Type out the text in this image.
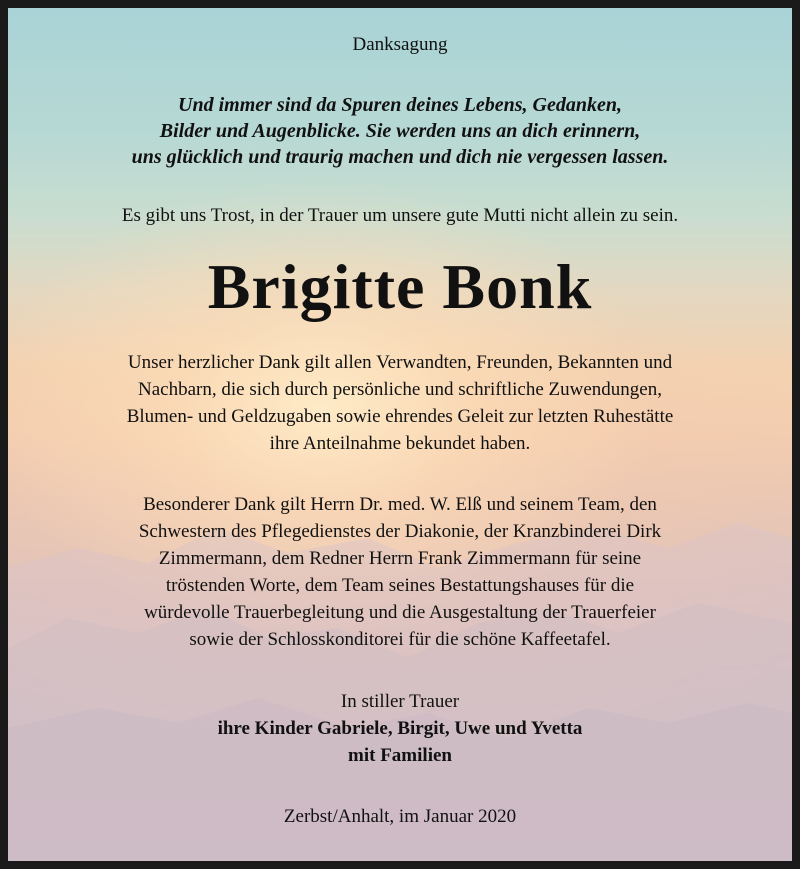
Danksagung
Und immer sind da Spuren deines Lebens, Gedanken,
Bilder und Augenblicke. Sie werden uns an dich erinnern,
uns glücklich und traurig machen und dich nie vergessen lassen.
Es gibt uns Trost, in der Trauer um unsere gute Mutti nicht allein zu sein.
Brigitte Bonk
Unser herzlicher Dank gilt allen Verwandten, Freunden, Bekannten und
Nachbarn, die sich durch persönliche und schriftliche Zuwendungen,
Blumen- und Geldzugaben sowie ehrendes Geleit zur letzten Ruhestätte
ihre Anteilnahme bekundet haben.
Besonderer Dank gilt Herrn Dr. med. W. Elß und seinem Team, den
Schwestern des Pflegedienstes der Diakonie, der Kranzbinderei Dirk
Zimmermann, dem Redner Herrn Frank Zimmermann für seine
tröstenden Worte, dem Team seines Bestattungshauses für die
würdevolle Trauerbegleitung und die Ausgestaltung der Trauerfeier
sowie der Schlosskonditorei für die schöne Kaffeetafel.
In stiller Trauer
ihre Kinder Gabriele, Birgit, Uwe und Yvetta
mit Familien
Zerbst/Anhalt, im Januar 2020
